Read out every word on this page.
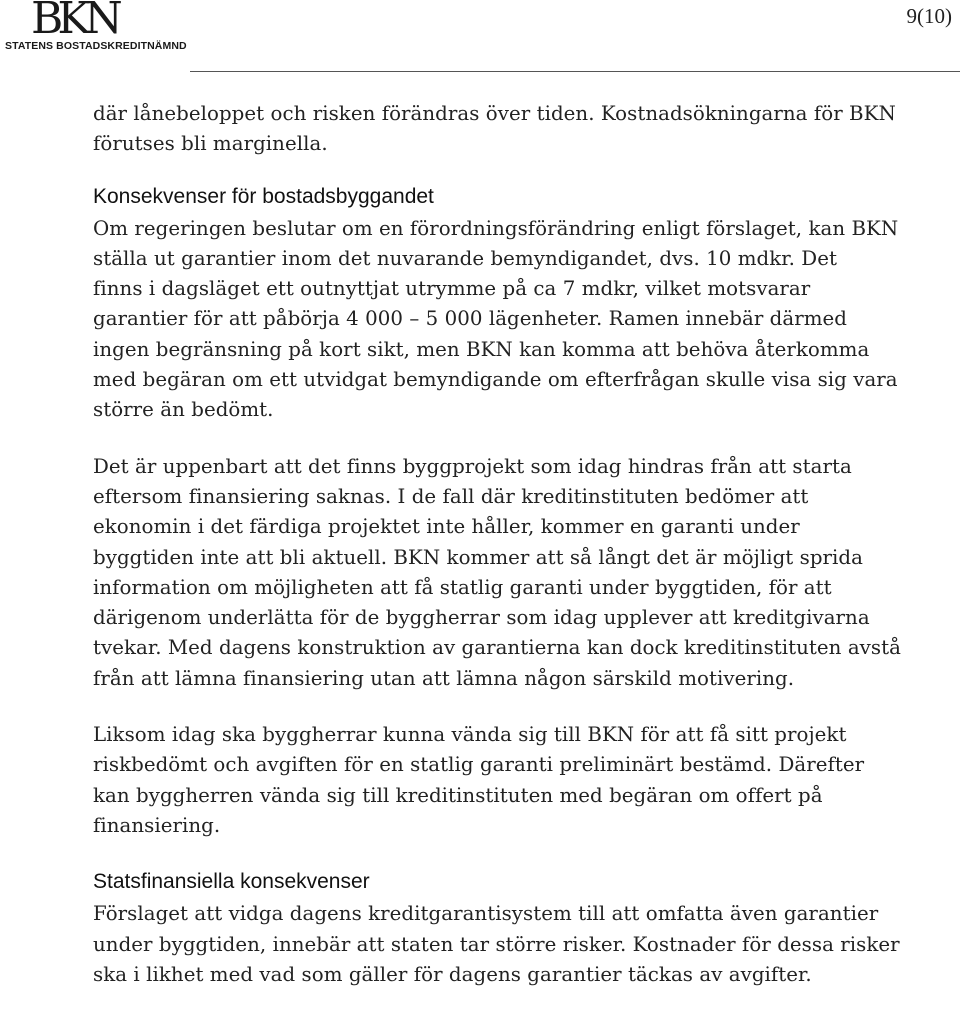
BKN
STATENS BOSTADSKREDITNÄMND
9(10)

där lånebeloppet och risken förändras över tiden. Kostnadsökningarna för BKN
förutses bli marginella.

Konsekvenser för bostadsbyggandet

Om regeringen beslutar om en förordningsförändring enligt förslaget, kan BKN
ställa ut garantier inom det nuvarande bemyndigandet, dvs. 10 mdkr. Det
finns i dagsläget ett outnyttjat utrymme på ca 7 mdkr, vilket motsvarar
garantier för att påbörja 4 000 – 5 000 lägenheter. Ramen innebär därmed
ingen begränsning på kort sikt, men BKN kan komma att behöva återkomma
med begäran om ett utvidgat bemyndigande om efterfrågan skulle visa sig vara
större än bedömt.

Det är uppenbart att det finns byggprojekt som idag hindras från att starta
eftersom finansiering saknas. I de fall där kreditinstituten bedömer att
ekonomin i det färdiga projektet inte håller, kommer en garanti under
byggtiden inte att bli aktuell. BKN kommer att så långt det är möjligt sprida
information om möjligheten att få statlig garanti under byggtiden, för att
därigenom underlätta för de byggherrar som idag upplever att kreditgivarna
tvekar. Med dagens konstruktion av garantierna kan dock kreditinstituten avstå
från att lämna finansiering utan att lämna någon särskild motivering.

Liksom idag ska byggherrar kunna vända sig till BKN för att få sitt projekt
riskbedömt och avgiften för en statlig garanti preliminärt bestämd. Därefter
kan byggherren vända sig till kreditinstituten med begäran om offert på
finansiering.

Statsfinansiella konsekvenser

Förslaget att vidga dagens kreditgarantisystem till att omfatta även garantier
under byggtiden, innebär att staten tar större risker. Kostnader för dessa risker
ska i likhet med vad som gäller för dagens garantier täckas av avgifter.
